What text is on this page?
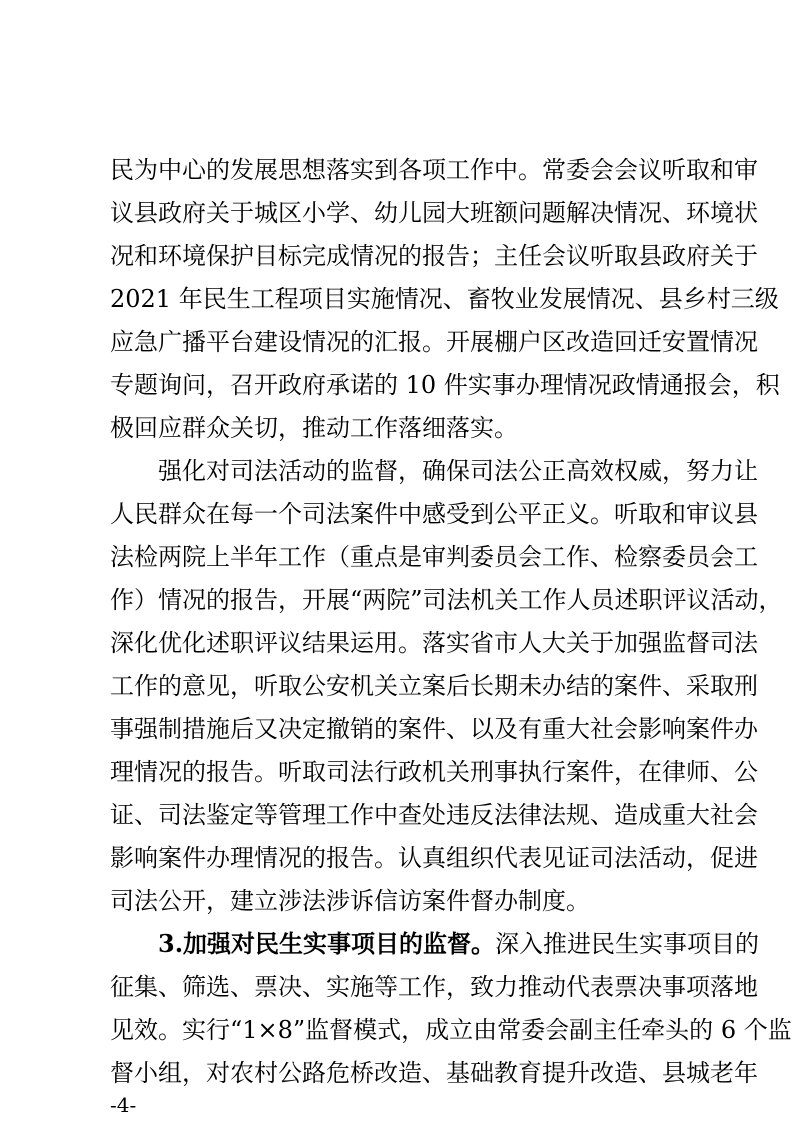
民为中心的发展思想落实到各项工作中。常委会会议听取和审
议县政府关于城区小学、幼儿园大班额问题解决情况、环境状
况和环境保护目标完成情况的报告；主任会议听取县政府关于
2021 年民生工程项目实施情况、畜牧业发展情况、县乡村三级
应急广播平台建设情况的汇报。开展棚户区改造回迁安置情况
专题询问，召开政府承诺的 10 件实事办理情况政情通报会，积
极回应群众关切，推动工作落细落实。
强化对司法活动的监督，确保司法公正高效权威，努力让
人民群众在每一个司法案件中感受到公平正义。听取和审议县
法检两院上半年工作（重点是审判委员会工作、检察委员会工
作）情况的报告，开展“两院”司法机关工作人员述职评议活动，
深化优化述职评议结果运用。落实省市人大关于加强监督司法
工作的意见，听取公安机关立案后长期未办结的案件、采取刑
事强制措施后又决定撤销的案件、以及有重大社会影响案件办
理情况的报告。听取司法行政机关刑事执行案件，在律师、公
证、司法鉴定等管理工作中查处违反法律法规、造成重大社会
影响案件办理情况的报告。认真组织代表见证司法活动，促进
司法公开，建立涉法涉诉信访案件督办制度。
3.加强对民生实事项目的监督。深入推进民生实事项目的
征集、筛选、票决、实施等工作，致力推动代表票决事项落地
见效。实行“1×8”监督模式，成立由常委会副主任牵头的 6 个监
督小组，对农村公路危桥改造、基础教育提升改造、县城老年
-4-
